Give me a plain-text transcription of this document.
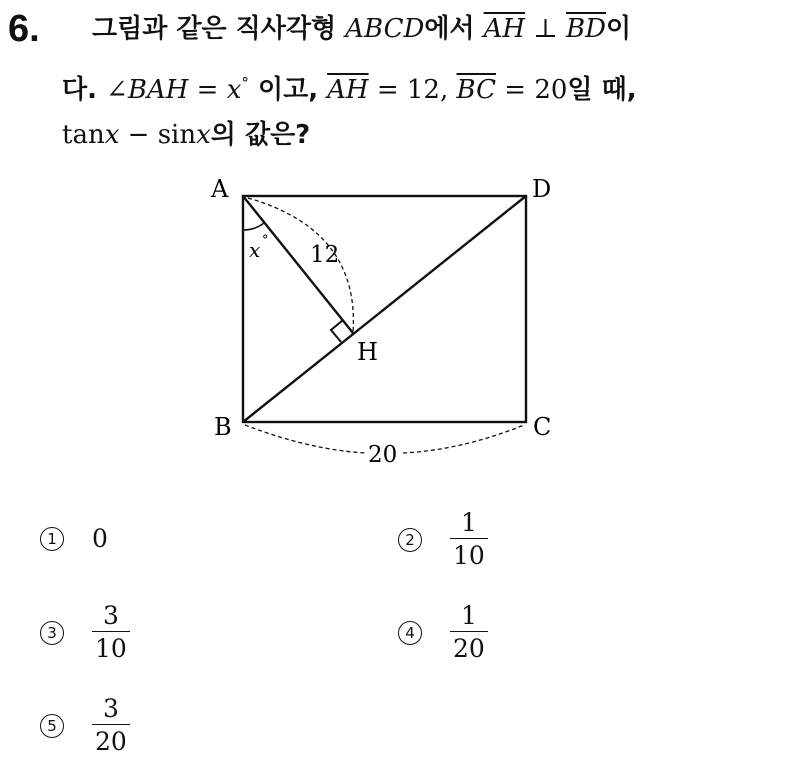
6. 그림과 같은 직사각형 ABCD에서 $\overline{AH}$ ⊥ $\overline{BD}$이
다. ∠BAH = x° 이고, $\overline{AH} = 12$, $\overline{BC} = 20$일 때,
tanx − sinx의 값은?
A	D
B	C
H
x °
12
20
1 0	$2 \frac{1}{10}$
$3 \frac{3}{10}$	$4 \frac{1}{20}$
$5 \frac{3}{20}$
